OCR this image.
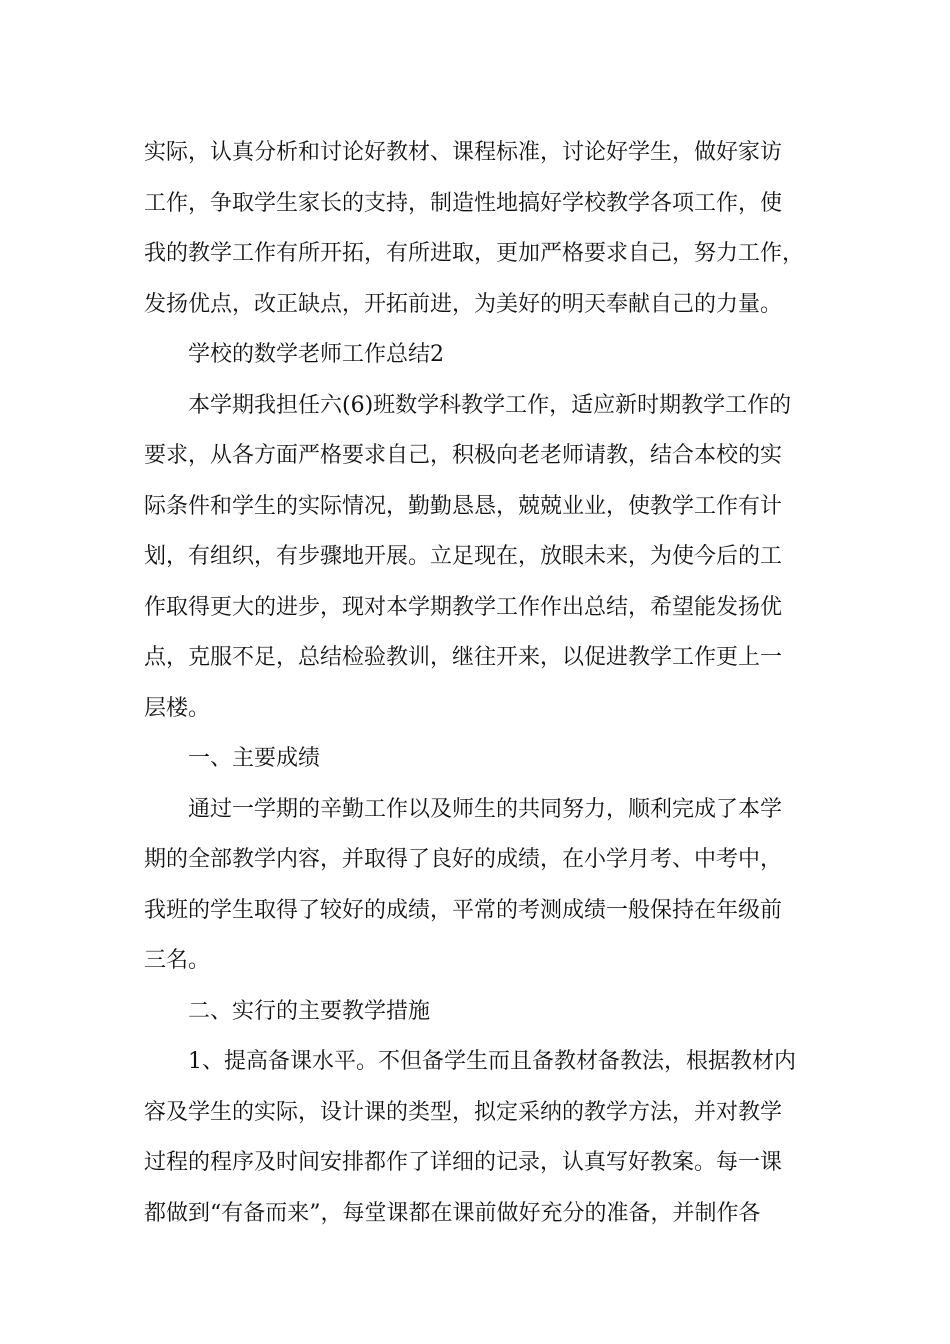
实际，认真分析和讨论好教材、课程标准，讨论好学生，做好家访
工作，争取学生家长的支持，制造性地搞好学校教学各项工作，使
我的教学工作有所开拓，有所进取，更加严格要求自己，努力工作，
发扬优点，改正缺点，开拓前进，为美好的明天奉献自己的力量。
学校的数学老师工作总结2
本学期我担任六(6)班数学科教学工作，适应新时期教学工作的
要求，从各方面严格要求自己，积极向老老师请教，结合本校的实
际条件和学生的实际情况，勤勤恳恳，兢兢业业，使教学工作有计
划，有组织，有步骤地开展。立足现在，放眼未来，为使今后的工
作取得更大的进步，现对本学期教学工作作出总结，希望能发扬优
点，克服不足，总结检验教训，继往开来，以促进教学工作更上一
层楼。
一、主要成绩
通过一学期的辛勤工作以及师生的共同努力，顺利完成了本学
期的全部教学内容，并取得了良好的成绩，在小学月考、中考中，
我班的学生取得了较好的成绩，平常的考测成绩一般保持在年级前
三名。
二、实行的主要教学措施
1、提高备课水平。不但备学生而且备教材备教法，根据教材内
容及学生的实际，设计课的类型，拟定采纳的教学方法，并对教学
过程的程序及时间安排都作了详细的记录，认真写好教案。每一课
都做到“有备而来”，每堂课都在课前做好充分的准备，并制作各
